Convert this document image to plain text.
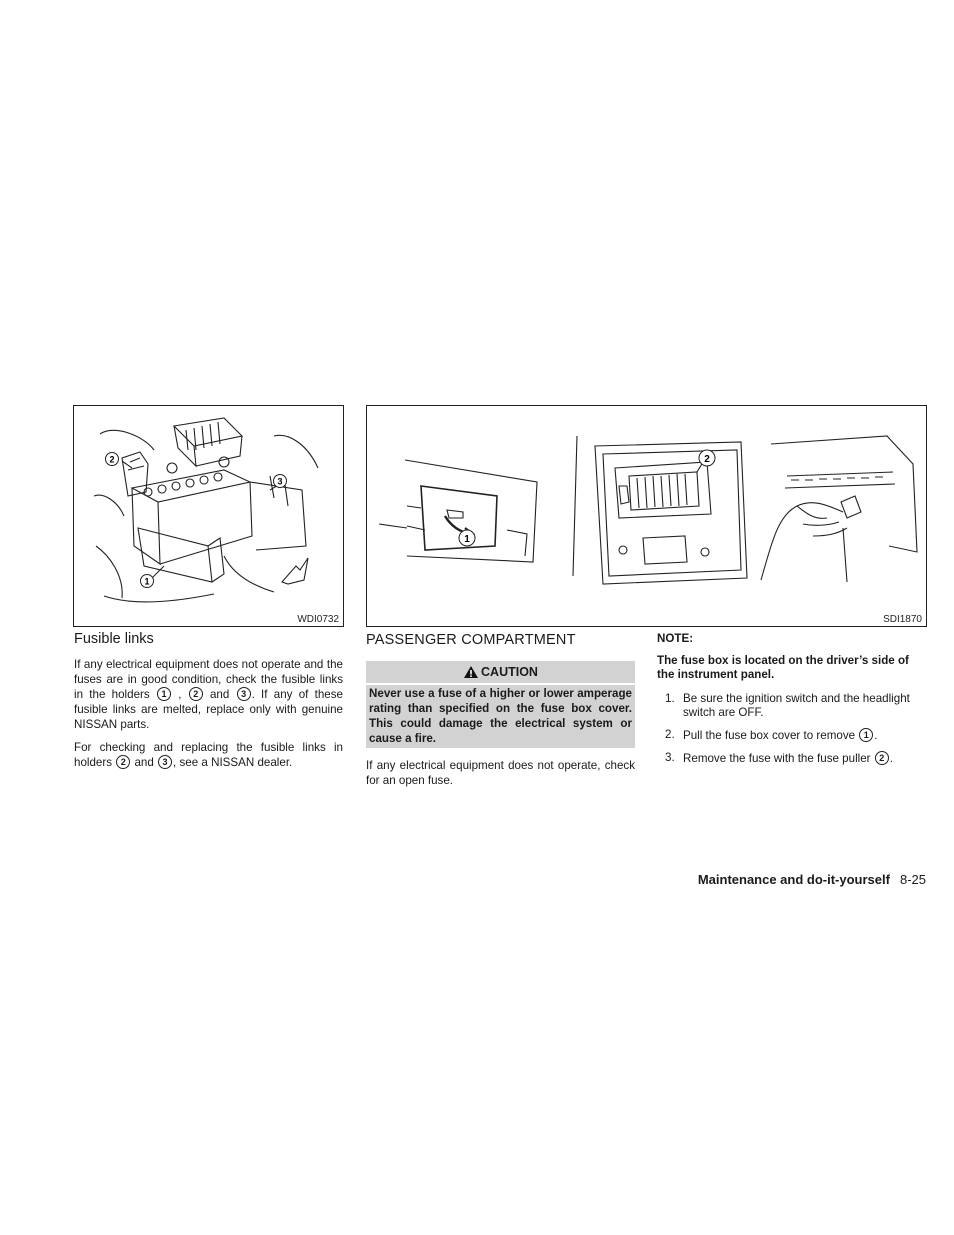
2
3
1
WDI0732
1
2
SDI1870
Fusible links

If any electrical equipment does not operate and the fuses are in good condition, check the fusible links in the holders 1 , 2 and 3 . If any of these fusible links are melted, replace only with genuine NISSAN parts.

For checking and replacing the fusible links in holders 2 and 3 , see a NISSAN dealer.

PASSENGER COMPARTMENT
CAUTION
Never use a fuse of a higher or lower amperage rating than specified on the fuse box cover. This could damage the electrical system or cause a fire.

If any electrical equipment does not operate, check for an open fuse.

NOTE:
The fuse box is located on the driver’s side of the instrument panel.
1. Be sure the ignition switch and the headlight switch are OFF.
2. Pull the fuse box cover to remove 1 .
3. Remove the fuse with the fuse puller 2 .
Maintenance and do-it-yourself 8-25
